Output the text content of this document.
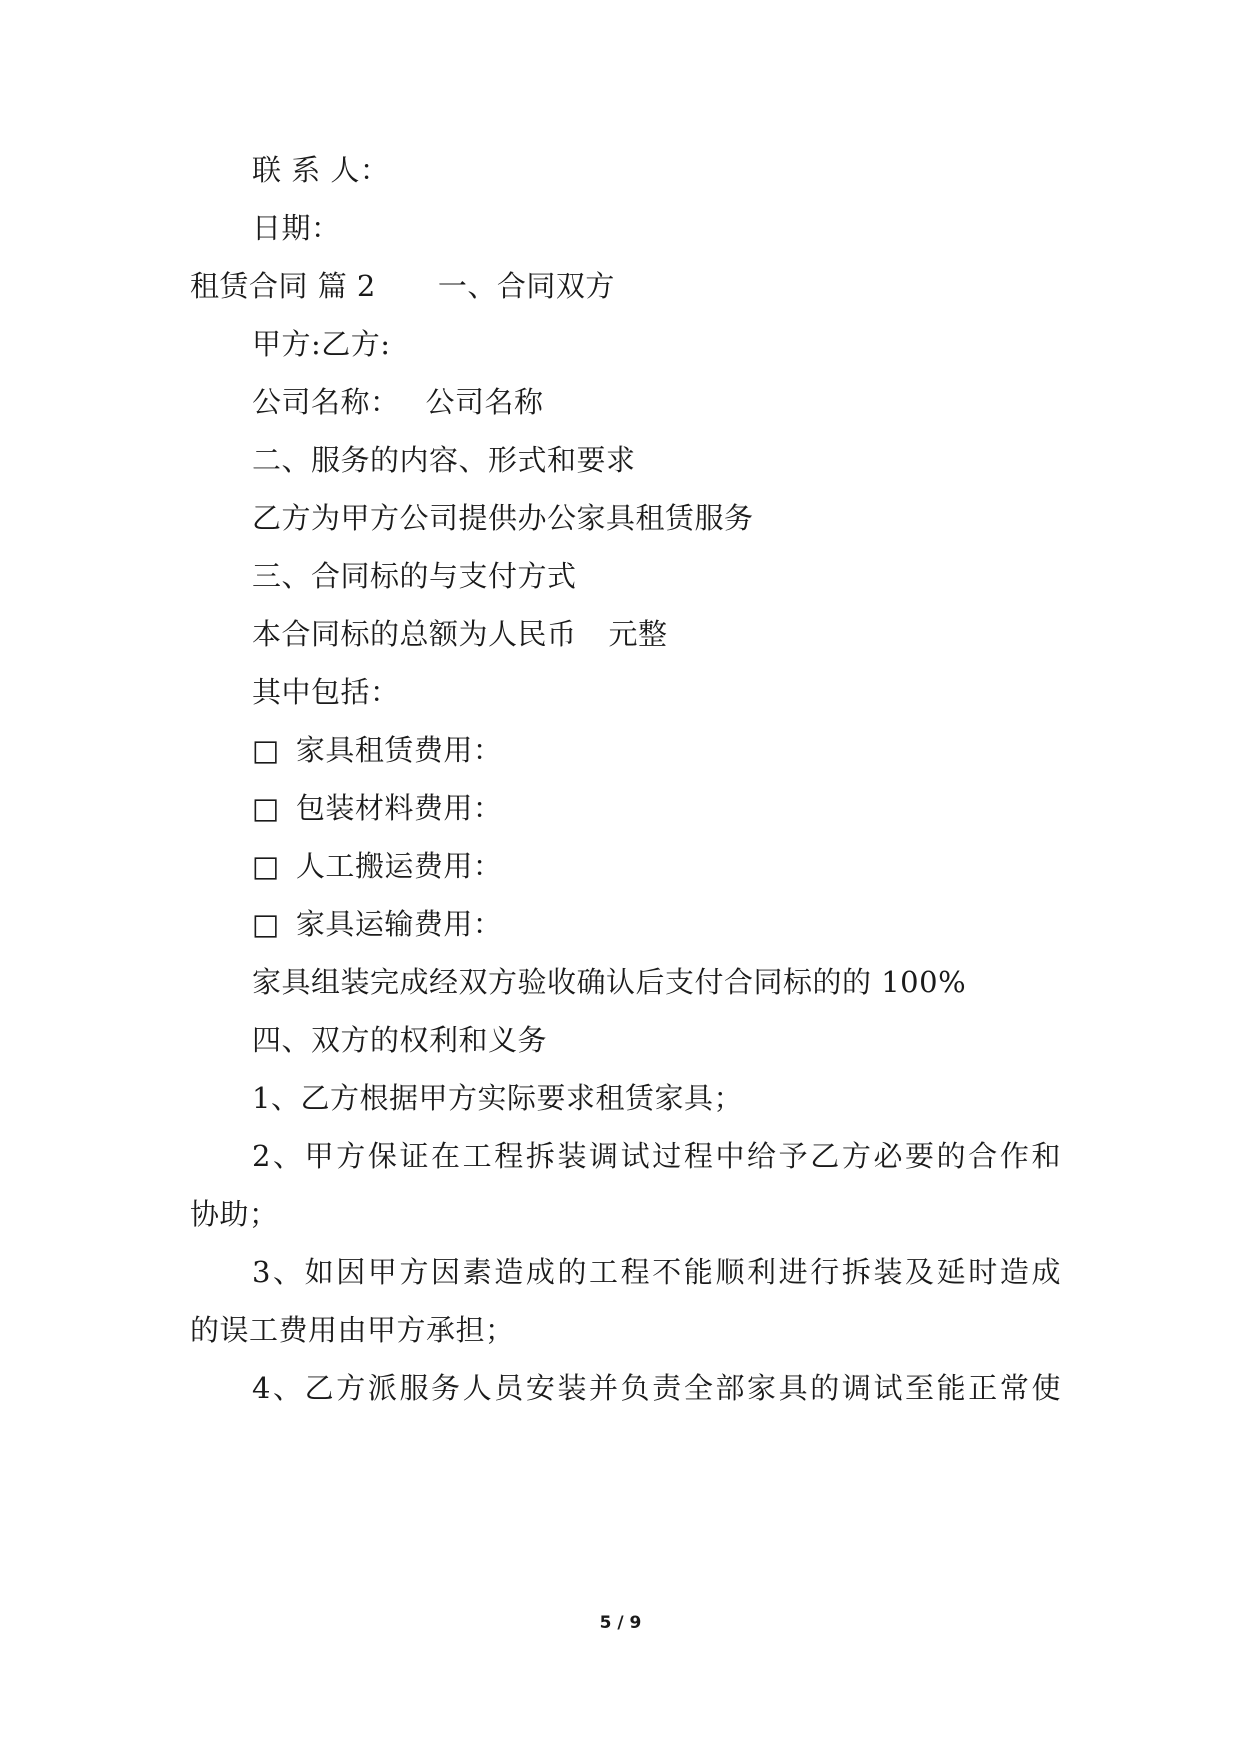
联 系 人：
日期：
租赁合同 篇 2 一、合同双方
甲方:乙方:
公司名称： 公司名称
二、服务的内容、形式和要求
乙方为甲方公司提供办公家具租赁服务
三、合同标的与支付方式
本合同标的总额为人民币 元整
其中包括：
□ 家具租赁费用：
□ 包装材料费用：
□ 人工搬运费用：
□ 家具运输费用：
家具组装完成经双方验收确认后支付合同标的的 100%
四、双方的权利和义务
1、乙方根据甲方实际要求租赁家具；
2、甲方保证在工程拆装调试过程中给予乙方必要的合作和
协助；
3、如因甲方因素造成的工程不能顺利进行拆装及延时造成
的误工费用由甲方承担；
4、乙方派服务人员安装并负责全部家具的调试至能正常使
5 / 9
